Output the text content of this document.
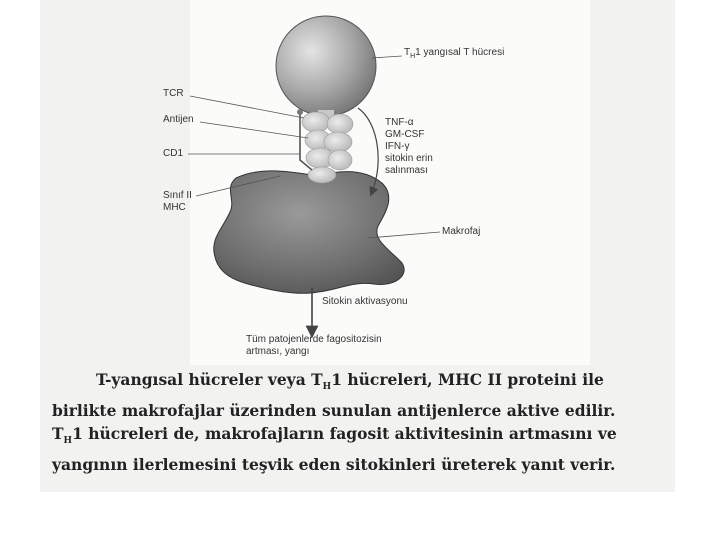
$T_H1$ yangısal T hücresi
TCR
Antijen
CD1
Sınıf II
MHC
TNF-α
GM-CSF
IFN-γ
sitokin erin
salınması
Makrofaj
Sitokin aktivasyonu
Tüm patojenlerde fagositozisin
artması, yangı
T-yangısal hücreler veya $T_H1$ hücreleri, MHC II proteini ile
birlikte makrofajlar üzerinden sunulan antijenlerce aktive edilir.
$T_H1$ hücreleri de, makrofajların fagosit aktivitesinin artmasını ve
yangının ilerlemesini teşvik eden sitokinleri üreterek yanıt verir.
